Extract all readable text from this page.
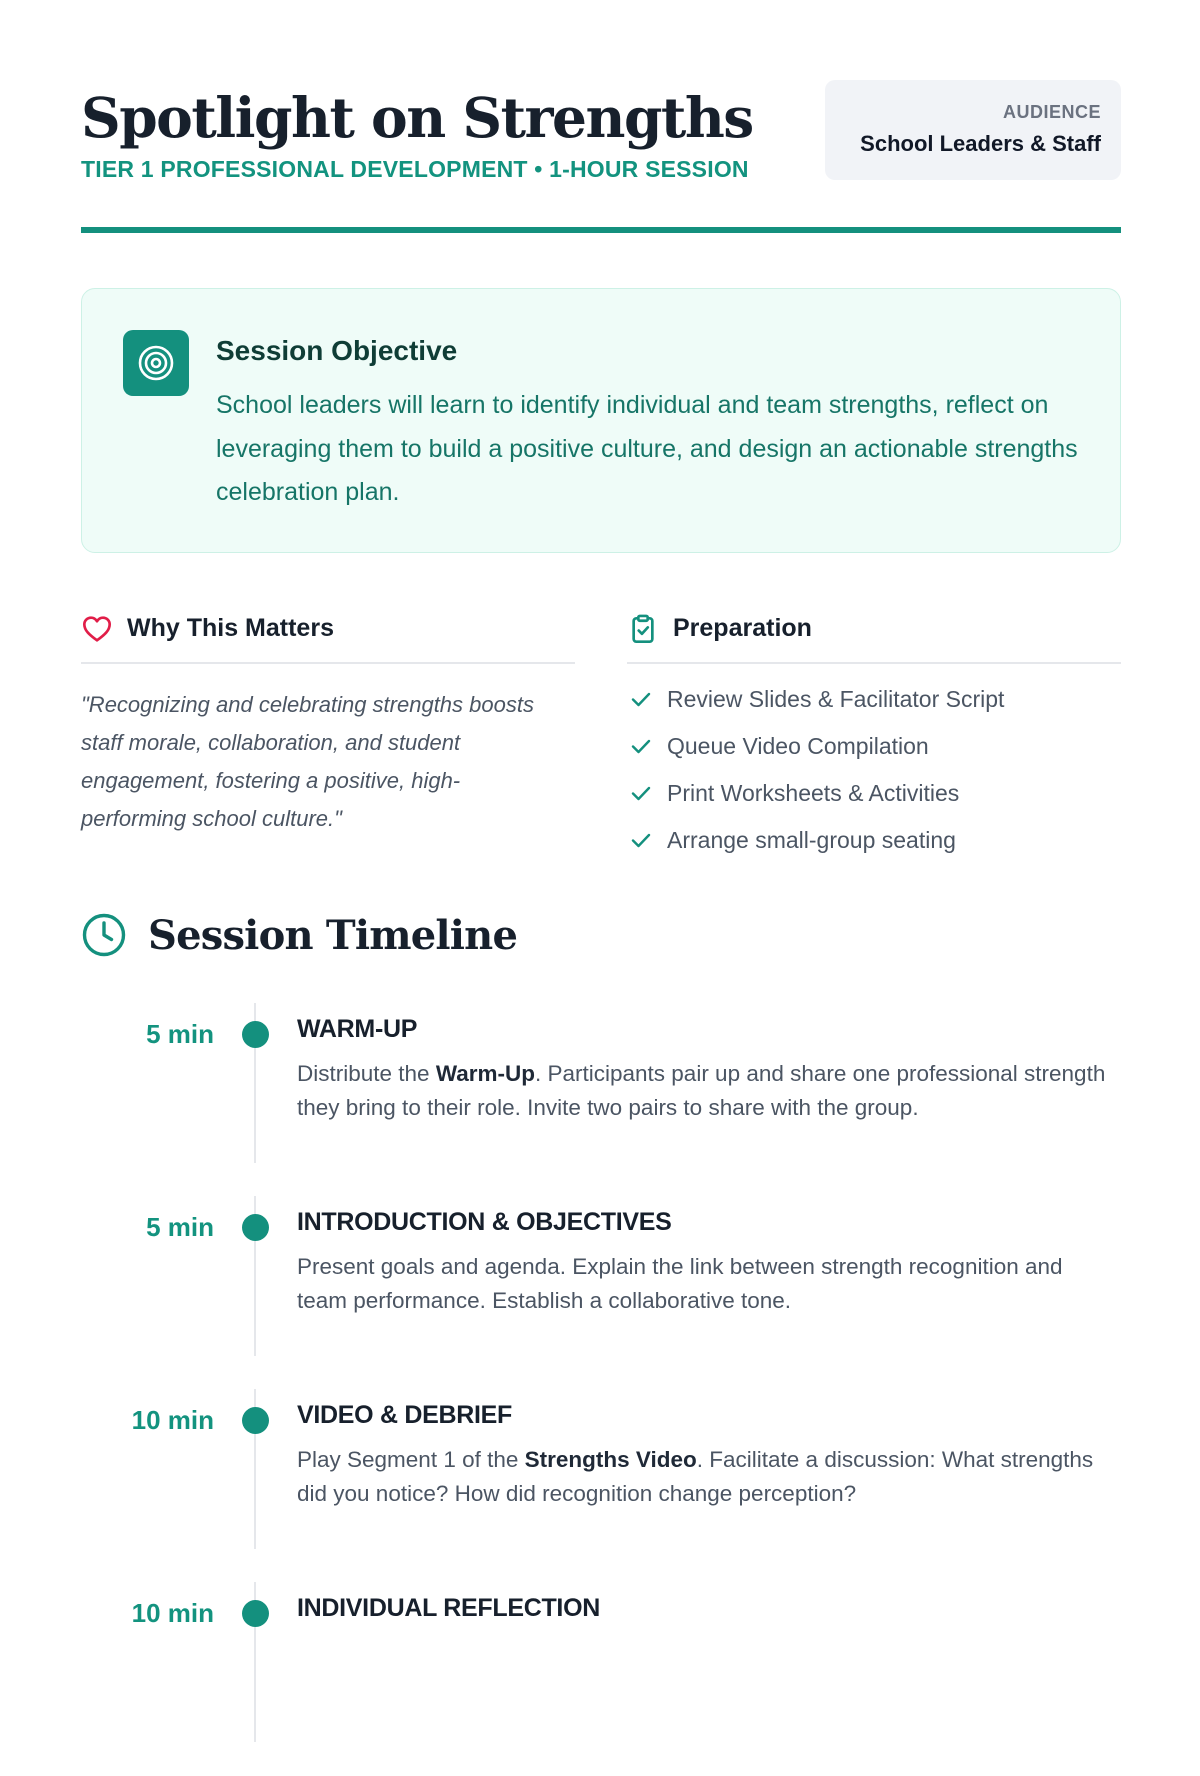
Spotlight on Strengths
TIER 1 PROFESSIONAL DEVELOPMENT • 1-HOUR SESSION
AUDIENCE
School Leaders & Staff
Session Objective
School leaders will learn to identify individual and team strengths, reflect on leveraging them to build a positive culture, and design an actionable strengths celebration plan.
Why This Matters
"Recognizing and celebrating strengths boosts staff morale, collaboration, and student engagement, fostering a positive, high-performing school culture."
Preparation
Review Slides & Facilitator Script
Queue Video Compilation
Print Worksheets & Activities
Arrange small-group seating
Session Timeline
5 min	WARM-UP
Distribute the Warm-Up. Participants pair up and share one professional strength they bring to their role. Invite two pairs to share with the group.
5 min	INTRODUCTION & OBJECTIVES
Present goals and agenda. Explain the link between strength recognition and team performance. Establish a collaborative tone.
10 min	VIDEO & DEBRIEF
Play Segment 1 of the Strengths Video. Facilitate a discussion: What strengths did you notice? How did recognition change perception?
10 min	INDIVIDUAL REFLECTION
